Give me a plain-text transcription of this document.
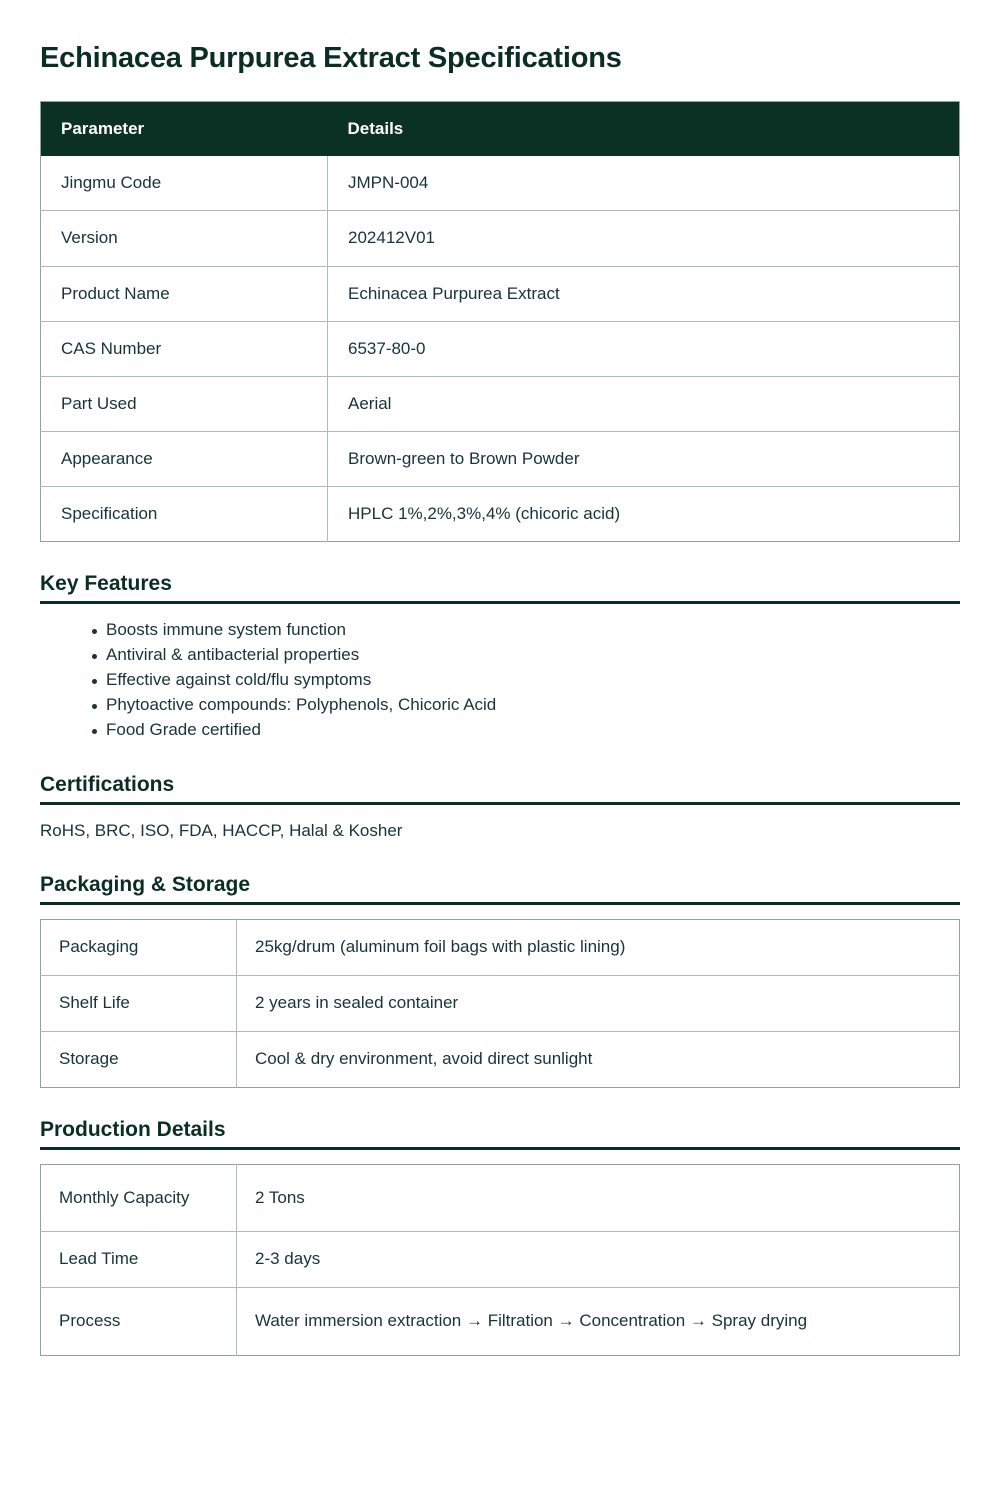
Echinacea Purpurea Extract Specifications
Parameter	Details
Jingmu Code	JMPN-004
Version	202412V01
Product Name	Echinacea Purpurea Extract
CAS Number	6537-80-0
Part Used	Aerial
Appearance	Brown-green to Brown Powder
Specification	HPLC 1%,2%,3%,4% (chicoric acid)
Key Features
Boosts immune system function
Antiviral & antibacterial properties
Effective against cold/flu symptoms
Phytoactive compounds: Polyphenols, Chicoric Acid
Food Grade certified
Certifications

RoHS, BRC, ISO, FDA, HACCP, Halal & Kosher

Packaging & Storage
Packaging	25kg/drum (aluminum foil bags with plastic lining)
Shelf Life	2 years in sealed container
Storage	Cool & dry environment, avoid direct sunlight
Production Details
Monthly Capacity	2 Tons
Lead Time	2-3 days
Process	Water immersion extraction → Filtration → Concentration → Spray drying
